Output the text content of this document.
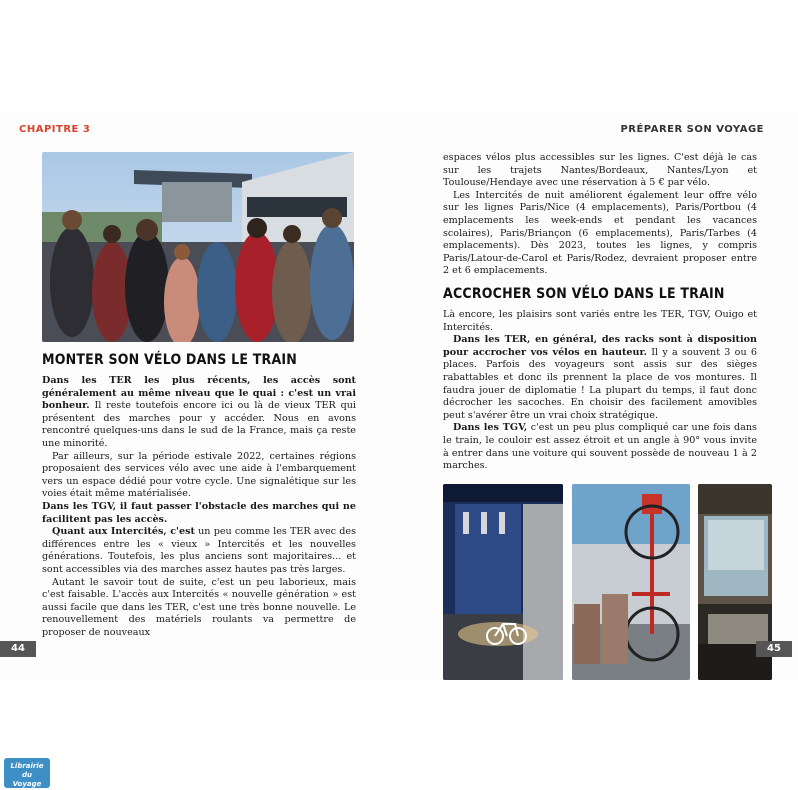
CHAPITRE 3	PRÉPARER SON VOYAGE
MONTER SON VÉLO DANS LE TRAIN

Dans les TER les plus récents, les accès sont généralement au même niveau que le quai : c'est un vrai bonheur. Il reste toutefois encore ici ou là de vieux TER qui présentent des marches pour y accéder. Nous en avons rencontré quelques-uns dans le sud de la France, mais ça reste une minorité.

Par ailleurs, sur la période estivale 2022, certaines régions proposaient des services vélo avec une aide à l'embarquement vers un espace dédié pour votre cycle. Une signalétique sur les voies était même matérialisée.

Dans les TGV, il faut passer l'obstacle des marches qui ne facilitent pas les accès.

Quant aux Intercités, c'est un peu comme les TER avec des différences entre les « vieux » Intercités et les nouvelles générations. Toutefois, les plus anciens sont majoritaires... et sont accessibles via des marches assez hautes pas très larges.

Autant le savoir tout de suite, c'est un peu laborieux, mais c'est faisable. L'accès aux Intercités « nouvelle génération » est aussi facile que dans les TER, c'est une très bonne nouvelle. Le renouvellement des matériels roulants va permettre de proposer de nouveaux

44

espaces vélos plus accessibles sur les lignes. C'est déjà le cas sur les trajets Nantes/Bordeaux, Nantes/Lyon et Toulouse/Hendaye avec une réservation à 5 € par vélo.

Les Intercités de nuit améliorent également leur offre vélo sur les lignes Paris/Nice (4 emplacements), Paris/Portbou (4 emplacements les week-ends et pendant les vacances scolaires), Paris/Briançon (6 emplacements), Paris/Tarbes (4 emplacements). Dès 2023, toutes les lignes, y compris Paris/Latour-de-Carol et Paris/Rodez, devraient proposer entre 2 et 6 emplacements.

ACCROCHER SON VÉLO DANS LE TRAIN

Là encore, les plaisirs sont variés entre les TER, TGV, Ouigo et Intercités.

Dans les TER, en général, des racks sont à disposition pour accrocher vos vélos en hauteur. Il y a souvent 3 ou 6 places. Parfois des voyageurs sont assis sur des sièges rabattables et donc ils prennent la place de vos montures. Il faudra jouer de diplomatie ! La plupart du temps, il faut donc décrocher les sacoches. En choisir des facilement amovibles peut s'avérer être un vrai choix stratégique.

Dans les TGV, c'est un peu plus compliqué car une fois dans le train, le couloir est assez étroit et un angle à 90° vous invite à entrer dans une voiture qui souvent possède de nouveau 1 à 2 marches.

45
Librairie
du
Voyage
